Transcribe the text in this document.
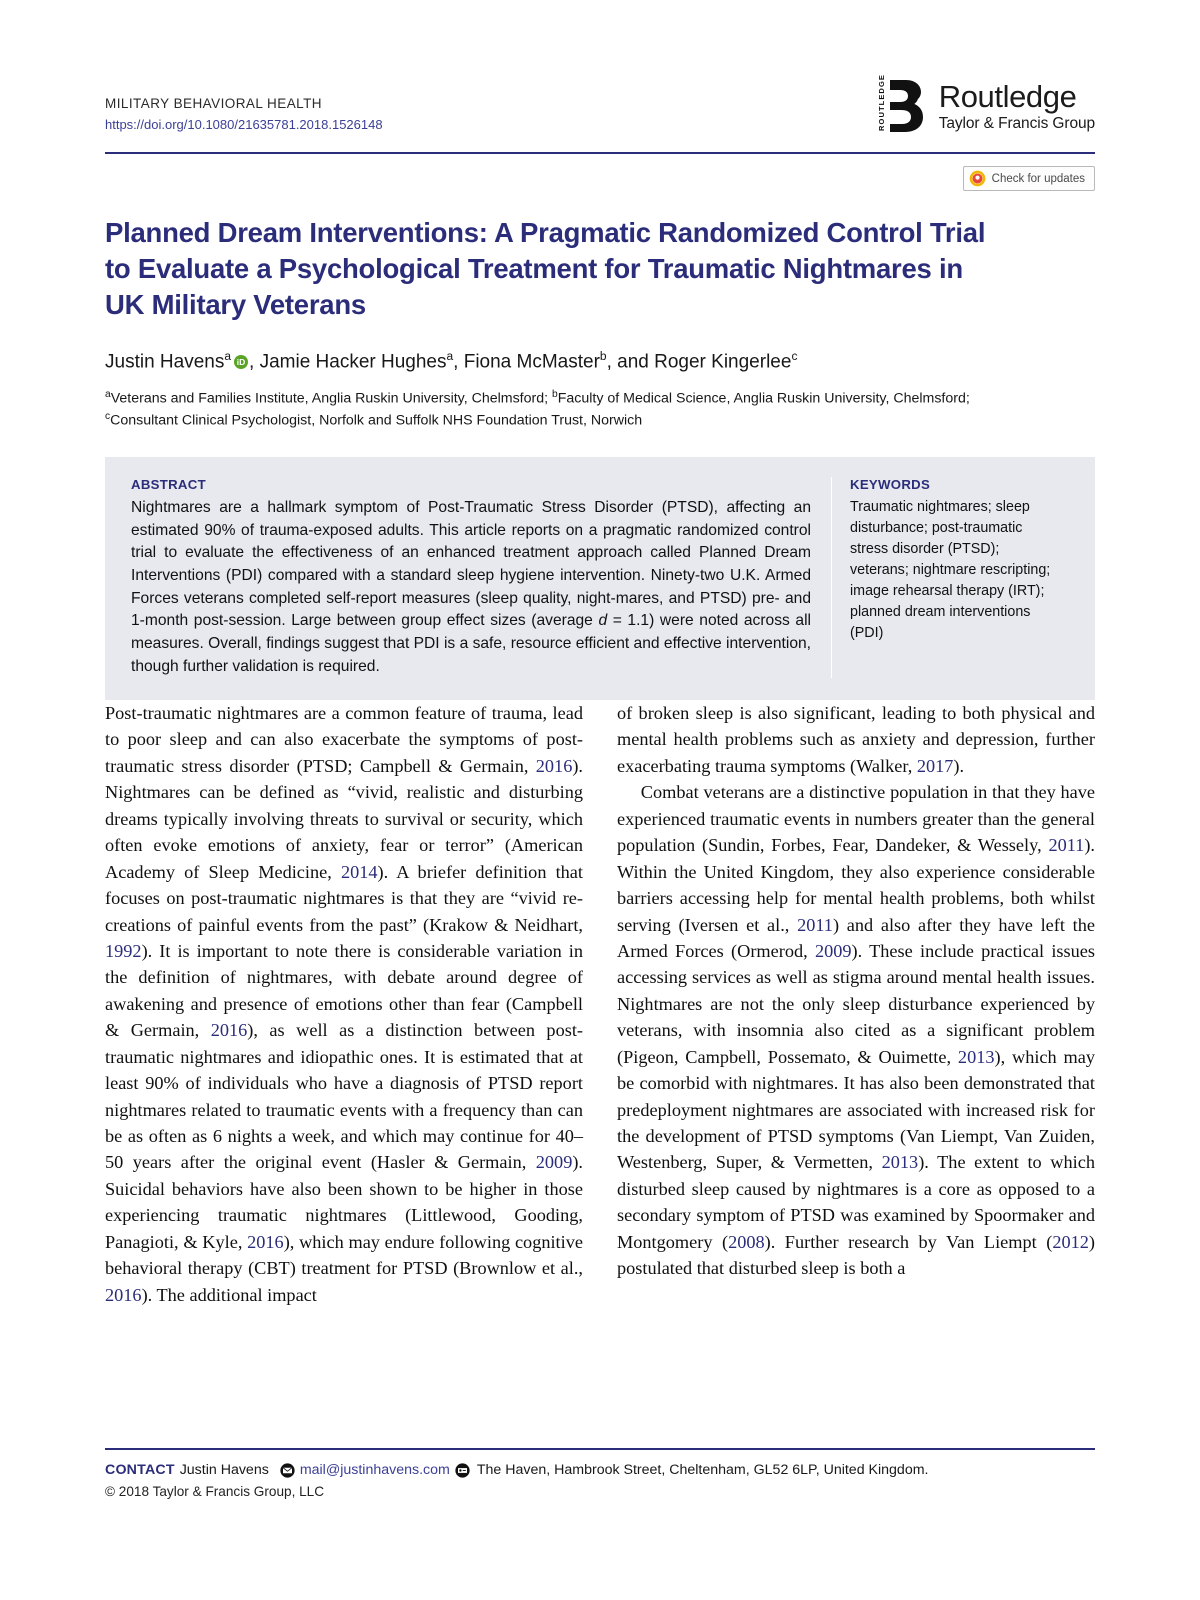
MILITARY BEHAVIORAL HEALTH
https://doi.org/10.1080/21635781.2018.1526148	ROUTLEDGE Routledge
Taylor & Francis Group
Check for updates
Planned Dream Interventions: A Pragmatic Randomized Control Trial to Evaluate a Psychological Treatment for Traumatic Nightmares in UK Military Veterans
Justin Havens$^a$ iD , Jamie Hacker Hughes$^a$, Fiona McMaster$^b$, and Roger Kingerlee$^c$
$^a$Veterans and Families Institute, Anglia Ruskin University, Chelmsford; $^b$Faculty of Medical Science, Anglia Ruskin University, Chelmsford; $^c$Consultant Clinical Psychologist, Norfolk and Suffolk NHS Foundation Trust, Norwich
ABSTRACT
Nightmares are a hallmark symptom of Post-Traumatic Stress Disorder (PTSD), affecting an estimated 90% of trauma-exposed adults. This article reports on a pragmatic randomized control trial to evaluate the effectiveness of an enhanced treatment approach called Planned Dream Interventions (PDI) compared with a standard sleep hygiene intervention. Ninety-two U.K. Armed Forces veterans completed self-report measures (sleep quality, night-mares, and PTSD) pre- and 1-month post-session. Large between group effect sizes (average d = 1.1) were noted across all measures. Overall, findings suggest that PDI is a safe, resource efficient and effective intervention, though further validation is required.
KEYWORDS
Traumatic nightmares; sleep disturbance; post-traumatic stress disorder (PTSD); veterans; nightmare rescripting; image rehearsal therapy (IRT); planned dream interventions (PDI)

Post-traumatic nightmares are a common feature of trauma, lead to poor sleep and can also exacerbate the symptoms of post-traumatic stress disorder (PTSD; Campbell & Germain, 2016). Nightmares can be defined as “vivid, realistic and disturbing dreams typically involving threats to survival or security, which often evoke emotions of anxiety, fear or terror” (American Academy of Sleep Medicine, 2014). A briefer definition that focuses on post-traumatic nightmares is that they are “vivid re-creations of painful events from the past” (Krakow & Neidhart, 1992). It is important to note there is considerable variation in the definition of nightmares, with debate around degree of awakening and presence of emotions other than fear (Campbell & Germain, 2016), as well as a distinction between post-traumatic nightmares and idiopathic ones. It is estimated that at least 90% of individuals who have a diagnosis of PTSD report nightmares related to traumatic events with a frequency than can be as often as 6 nights a week, and which may continue for 40–50 years after the original event (Hasler & Germain, 2009). Suicidal behaviors have also been shown to be higher in those experiencing traumatic nightmares (Littlewood, Gooding, Panagioti, & Kyle, 2016), which may endure following cognitive behavioral therapy (CBT) treatment for PTSD (Brownlow et al., 2016). The additional impact

of broken sleep is also significant, leading to both physical and mental health problems such as anxiety and depression, further exacerbating trauma symptoms (Walker, 2017).

Combat veterans are a distinctive population in that they have experienced traumatic events in numbers greater than the general population (Sundin, Forbes, Fear, Dandeker, & Wessely, 2011). Within the United Kingdom, they also experience considerable barriers accessing help for mental health problems, both whilst serving (Iversen et al., 2011) and also after they have left the Armed Forces (Ormerod, 2009). These include practical issues accessing services as well as stigma around mental health issues. Nightmares are not the only sleep disturbance experienced by veterans, with insomnia also cited as a significant problem (Pigeon, Campbell, Possemato, & Ouimette, 2013), which may be comorbid with nightmares. It has also been demonstrated that predeployment nightmares are associated with increased risk for the development of PTSD symptoms (Van Liempt, Van Zuiden, Westenberg, Super, & Vermetten, 2013). The extent to which disturbed sleep caused by nightmares is a core as opposed to a secondary symptom of PTSD was examined by Spoormaker and Montgomery (2008). Further research by Van Liempt (2012) postulated that disturbed sleep is both a

CONTACT Justin Havens mail@justinhavens.com The Haven, Hambrook Street, Cheltenham, GL52 6LP, United Kingdom.
© 2018 Taylor & Francis Group, LLC
